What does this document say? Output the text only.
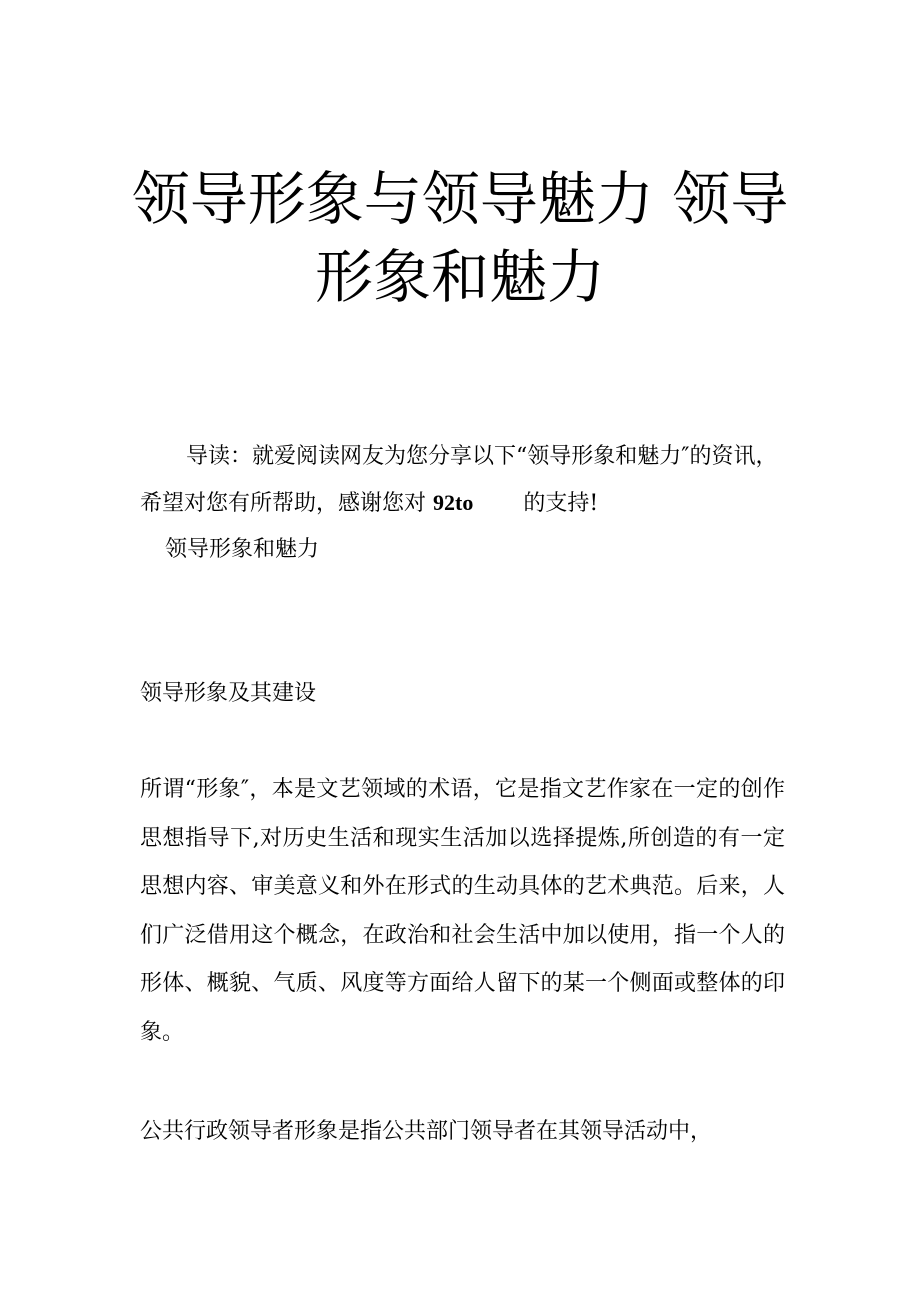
领导形象与领导魅力 领导形象和魅力

导读：就爱阅读网友为您分享以下“领导形象和魅力″的资讯，希望对您有所帮助，感谢您对 92to 的支持!

领导形象和魅力

领导形象及其建设

所谓“形象″，本是文艺领域的术语，它是指文艺作家在一定的创作思想指导下,对历史生活和现实生活加以选择提炼,所创造的有一定思想内容、审美意义和外在形式的生动具体的艺术典范。后来，人们广泛借用这个概念，在政治和社会生活中加以使用，指一个人的形体、概貌、气质、风度等方面给人留下的某一个侧面或整体的印象。

公共行政领导者形象是指公共部门领导者在其领导活动中，
